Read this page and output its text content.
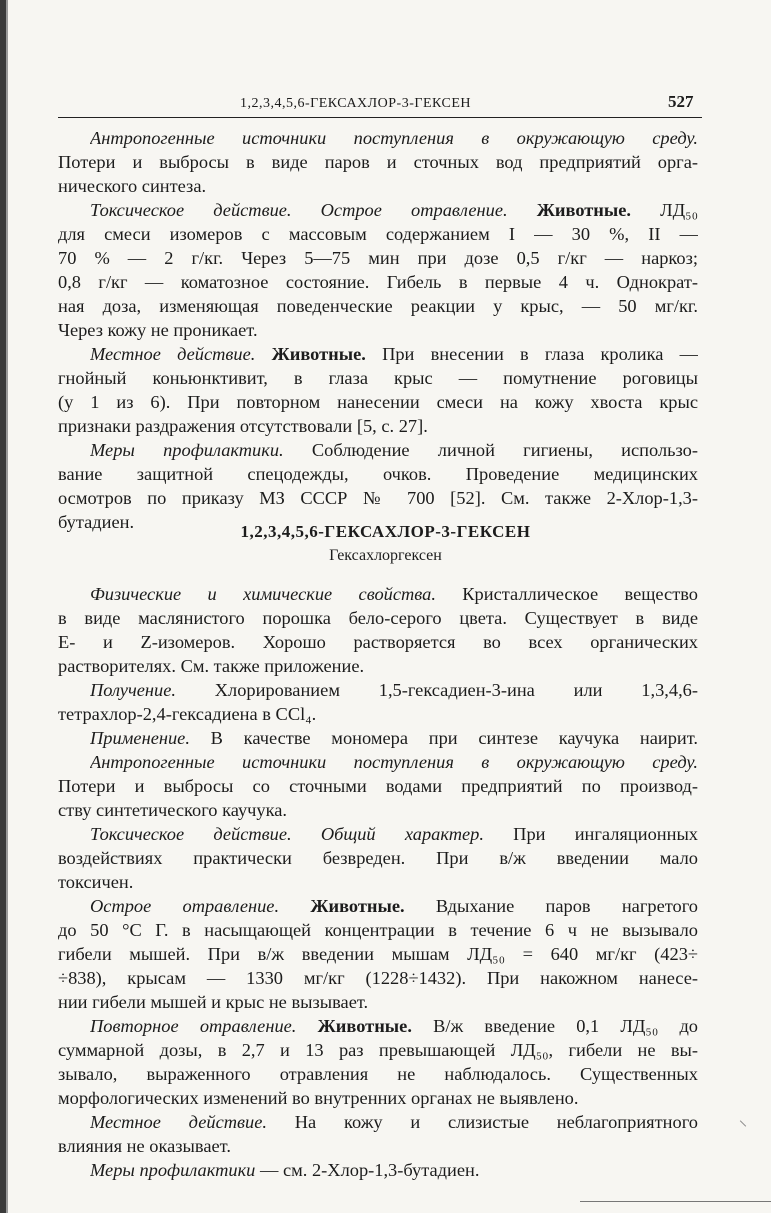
1,2,3,4,5,6-ГЕКСАХЛОР-3-ГЕКСЕН	527

Антропогенные источники поступления в окружающую среду.

Потери и выбросы в виде паров и сточных вод предприятий орга-

нического синтеза.

Токсическое действие. Острое отравление. Животные. ЛД₅₀

для смеси изомеров с массовым содержанием I — 30 %, II —

70 % — 2 г/кг. Через 5—75 мин при дозе 0,5 г/кг — наркоз;

0,8 г/кг — коматозное состояние. Гибель в первые 4 ч. Однократ-

ная доза, изменяющая поведенческие реакции у крыс, — 50 мг/кг.

Через кожу не проникает.

Местное действие. Животные. При внесении в глаза кролика —

гнойный коньюнктивит, в глаза крыс — помутнение роговицы

(у 1 из 6). При повторном нанесении смеси на кожу хвоста крыс

признаки раздражения отсутствовали [5, с. 27].

Меры профилактики. Соблюдение личной гигиены, использо-

вание защитной спецодежды, очков. Проведение медицинских

осмотров по приказу МЗ СССР № 700 [52]. См. также 2-Хлор-1,3-

бутадиен.	1,2,3,4,5,6-ГЕКСАХЛОР-3-ГЕКСЕН

Гексахлоргексен

Физические и химические свойства. Кристаллическое вещество

в виде маслянистого порошка бело-серого цвета. Существует в виде

E- и Z-изомеров. Хорошо растворяется во всех органических

растворителях. См. также приложение.

Получение. Хлорированием 1,5-гексадиен-3-ина или 1,3,4,6-

тетрахлор-2,4-гексадиена в CCl₄.

Применение. В качестве мономера при синтезе каучука наирит.

Антропогенные источники поступления в окружающую среду.

Потери и выбросы со сточными водами предприятий по производ-

ству синтетического каучука.

Токсическое действие. Общий характер. При ингаляционных

воздействиях практически безвреден. При в/ж введении мало

токсичен.

Острое отравление. Животные. Вдыхание паров нагретого

до 50 °C Г. в насыщающей концентрации в течение 6 ч не вызывало

гибели мышей. При в/ж введении мышам ЛД₅₀ = 640 мг/кг (423÷

÷838), крысам — 1330 мг/кг (1228÷1432). При накожном нанесе-

нии гибели мышей и крыс не вызывает.

Повторное отравление. Животные. В/ж введение 0,1 ЛД₅₀ до

суммарной дозы, в 2,7 и 13 раз превышающей ЛД₅₀, гибели не вы-

зывало, выраженного отравления не наблюдалось. Существенных

морфологических изменений во внутренних органах не выявлено.

Местное действие. На кожу и слизистые неблагоприятного

влияния не оказывает.

Меры профилактики — см. 2-Хлор-1,3-бутадиен.
